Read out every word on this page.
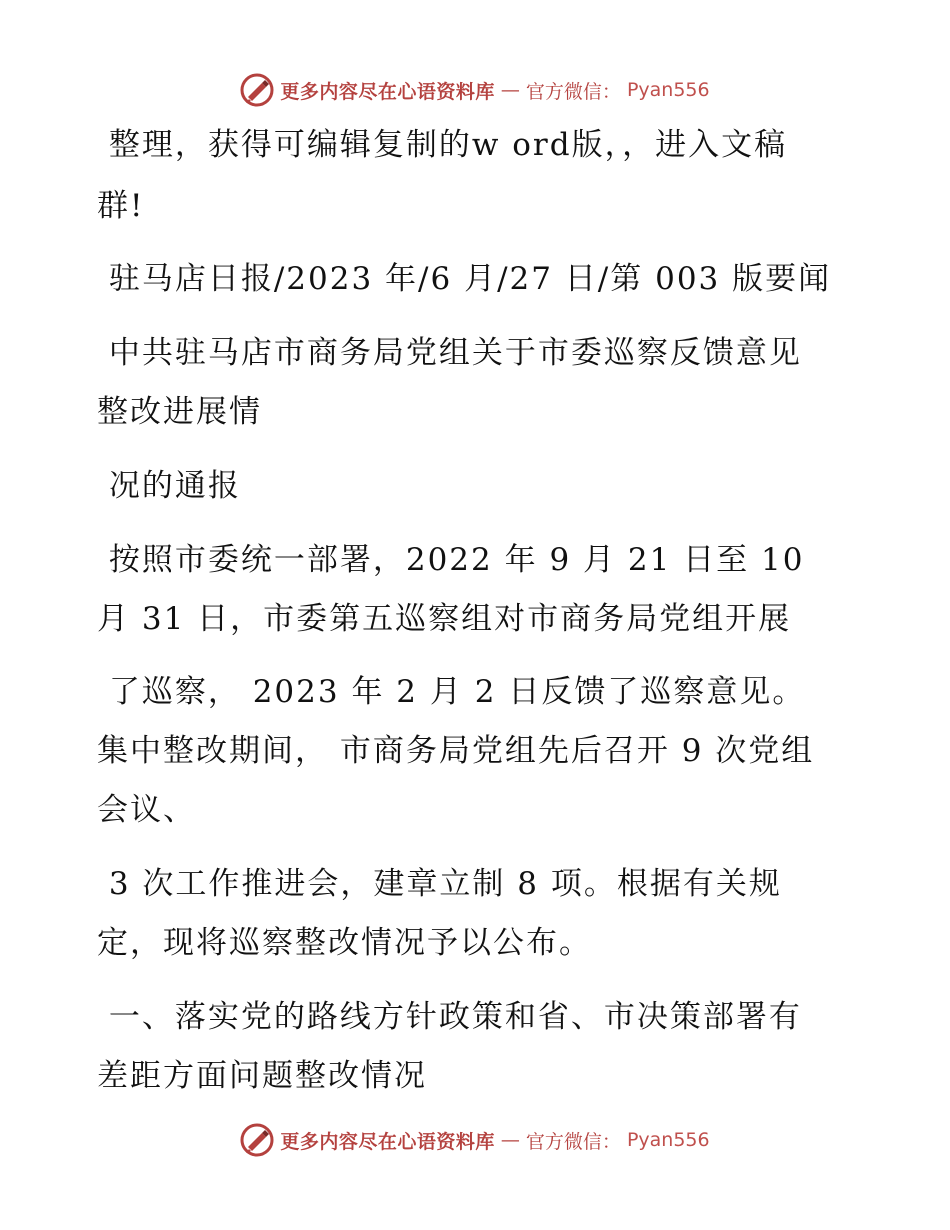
更多内容尽在心语资料库 — 官方微信： Pyan556
整理，获得可编辑复制的w ord版，，进入文稿
群!
驻马店日报/2023 年/6 月/27 日/第 003 版要闻
中共驻马店市商务局党组关于市委巡察反馈意见
整改进展情
况的通报
按照市委统一部署，2022 年 9 月 21 日至 10
月 31 日，市委第五巡察组对市商务局党组开展
了巡察， 2023 年 2 月 2 日反馈了巡察意见。
集中整改期间， 市商务局党组先后召开 9 次党组
会议、
3 次工作推进会，建章立制 8 项。根据有关规
定，现将巡察整改情况予以公布。
一、落实党的路线方针政策和省、市决策部署有
差距方面问题整改情况
更多内容尽在心语资料库 — 官方微信： Pyan556
